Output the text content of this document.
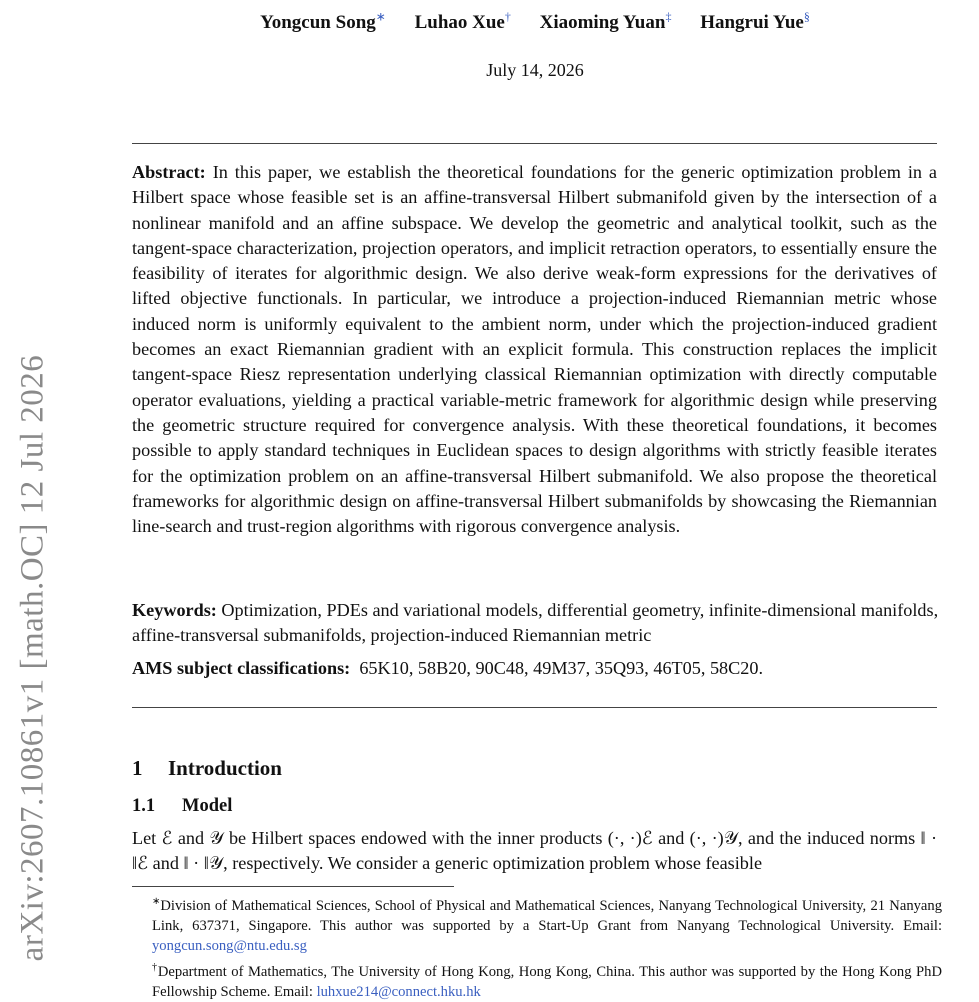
arXiv:2607.10861v1 [math.OC] 12 Jul 2026
Yongcun Song∗ Luhao Xue† Xiaoming Yuan‡ Hangrui Yue§
July 14, 2026
Abstract: In this paper, we establish the theoretical foundations for the generic optimization problem in a Hilbert space whose feasible set is an affine-transversal Hilbert submanifold given by the intersection of a nonlinear manifold and an affine subspace. We develop the geometric and analytical toolkit, such as the tangent-space characterization, projection operators, and implicit retraction operators, to essentially ensure the feasibility of iterates for algorithmic design. We also derive weak-form expressions for the derivatives of lifted objective functionals. In particular, we introduce a projection-induced Riemannian metric whose induced norm is uniformly equivalent to the ambient norm, under which the projection-induced gradient becomes an exact Riemannian gradient with an explicit formula. This construction replaces the implicit tangent-space Riesz representation underlying classical Riemannian optimization with directly computable operator evaluations, yielding a practical variable-metric framework for algorithmic design while preserving the geometric structure required for convergence analysis. With these theoretical foundations, it becomes possible to apply standard techniques in Euclidean spaces to design algorithms with strictly feasible iterates for the optimization problem on an affine-transversal Hilbert submanifold. We also propose the theoretical frameworks for algorithmic design on affine-transversal Hilbert submanifolds by showcasing the Riemannian line-search and trust-region algorithms with rigorous convergence analysis.
Keywords: Optimization, PDEs and variational models, differential geometry, infinite-dimensional manifolds, affine-transversal submanifolds, projection-induced Riemannian metric
AMS subject classifications: 65K10, 58B20, 90C48, 49M37, 35Q93, 46T05, 58C20.
1 Introduction
1.1 Model
Let ℰ and 𝒴 be Hilbert spaces endowed with the inner products (·, ·)ℰ and (·, ·)𝒴, and the induced norms ‖ · ‖ℰ and ‖ · ‖𝒴, respectively. We consider a generic optimization problem whose feasible
∗Division of Mathematical Sciences, School of Physical and Mathematical Sciences, Nanyang Technological University, 21 Nanyang Link, 637371, Singapore. This author was supported by a Start-Up Grant from Nanyang Technological University. Email: yongcun.song@ntu.edu.sg
†Department of Mathematics, The University of Hong Kong, Hong Kong, China. This author was supported by the Hong Kong PhD Fellowship Scheme. Email: luhxue214@connect.hku.hk
